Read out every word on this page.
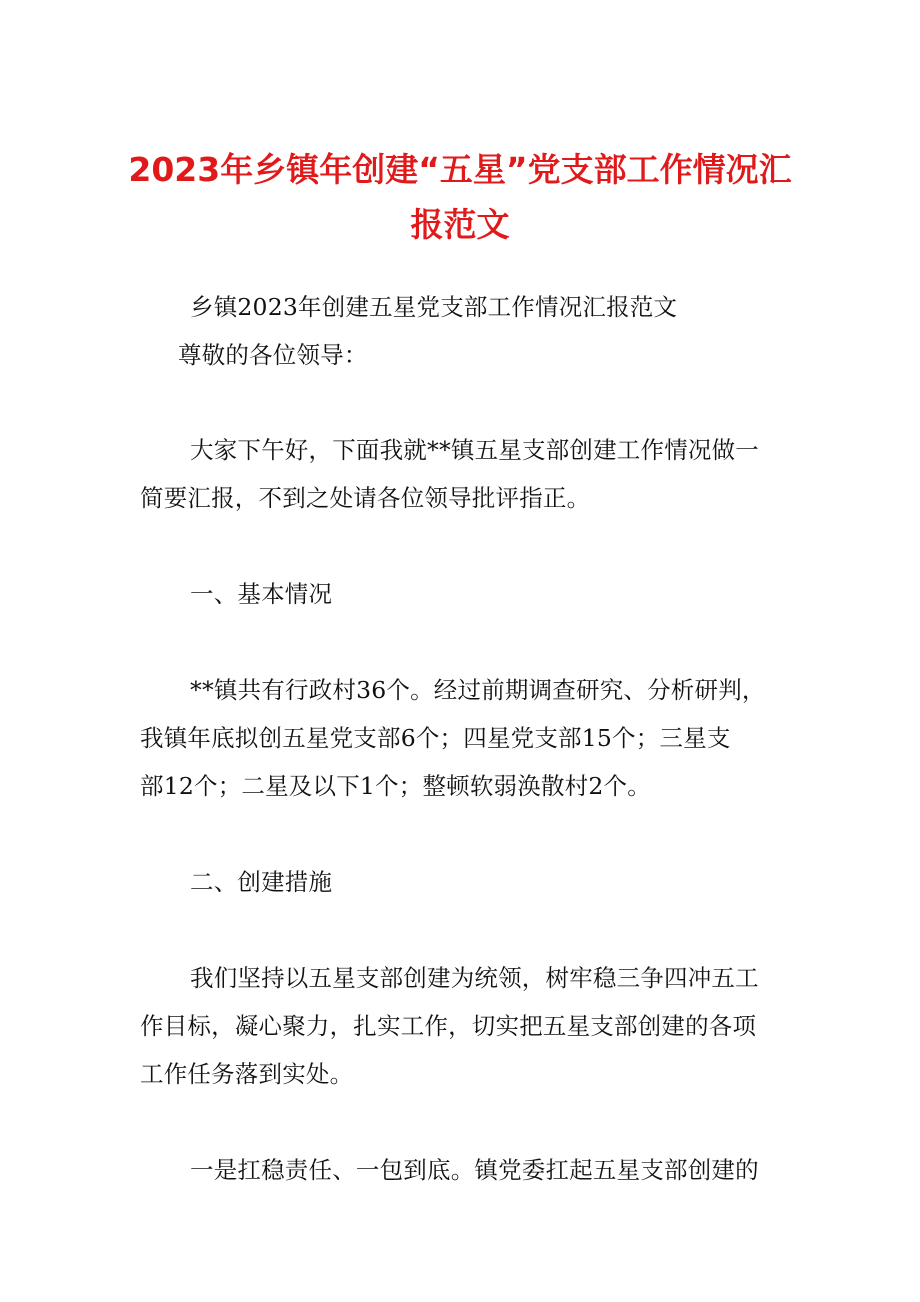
2023年乡镇年创建“五星”党支部工作情况汇
报范文
乡镇2023年创建五星党支部工作情况汇报范文
尊敬的各位领导：
大家下午好，下面我就**镇五星支部创建工作情况做一
简要汇报，不到之处请各位领导批评指正。
一、基本情况
**镇共有行政村36个。经过前期调查研究、分析研判，
我镇年底拟创五星党支部6个；四星党支部15个；三星支
部12个；二星及以下1个；整顿软弱涣散村2个。
二、创建措施
我们坚持以五星支部创建为统领，树牢稳三争四冲五工
作目标，凝心聚力，扎实工作，切实把五星支部创建的各项
工作任务落到实处。
一是扛稳责任、一包到底。镇党委扛起五星支部创建的
